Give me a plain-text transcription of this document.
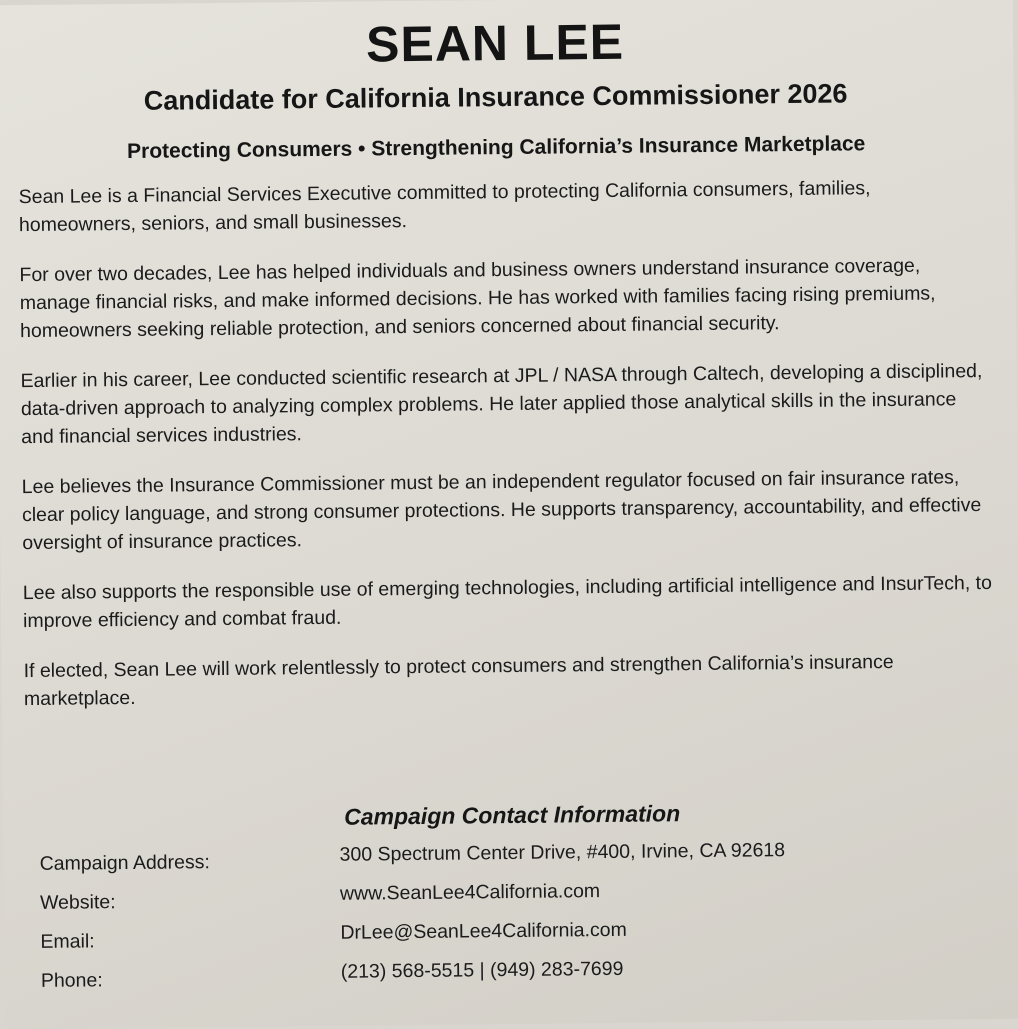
SEAN LEE
Candidate for California Insurance Commissioner 2026
Protecting Consumers • Strengthening California’s Insurance Marketplace

Sean Lee is a Financial Services Executive committed to protecting California consumers, families, homeowners, seniors, and small businesses.

For over two decades, Lee has helped individuals and business owners understand insurance coverage, manage financial risks, and make informed decisions. He has worked with families facing rising premiums, homeowners seeking reliable protection, and seniors concerned about financial security.

Earlier in his career, Lee conducted scientific research at JPL / NASA through Caltech, developing a disciplined, data-driven approach to analyzing complex problems. He later applied those analytical skills in the insurance and financial services industries.

Lee believes the Insurance Commissioner must be an independent regulator focused on fair insurance rates, clear policy language, and strong consumer protections. He supports transparency, accountability, and effective oversight of insurance practices.

Lee also supports the responsible use of emerging technologies, including artificial intelligence and InsurTech, to improve efficiency and combat fraud.

If elected, Sean Lee will work relentlessly to protect consumers and strengthen California’s insurance marketplace.

Campaign Contact Information
Campaign Address:	300 Spectrum Center Drive, #400, Irvine, CA 92618
Website:	www.SeanLee4California.com
Email:	DrLee@SeanLee4California.com
Phone:	(213) 568-5515 | (949) 283-7699
